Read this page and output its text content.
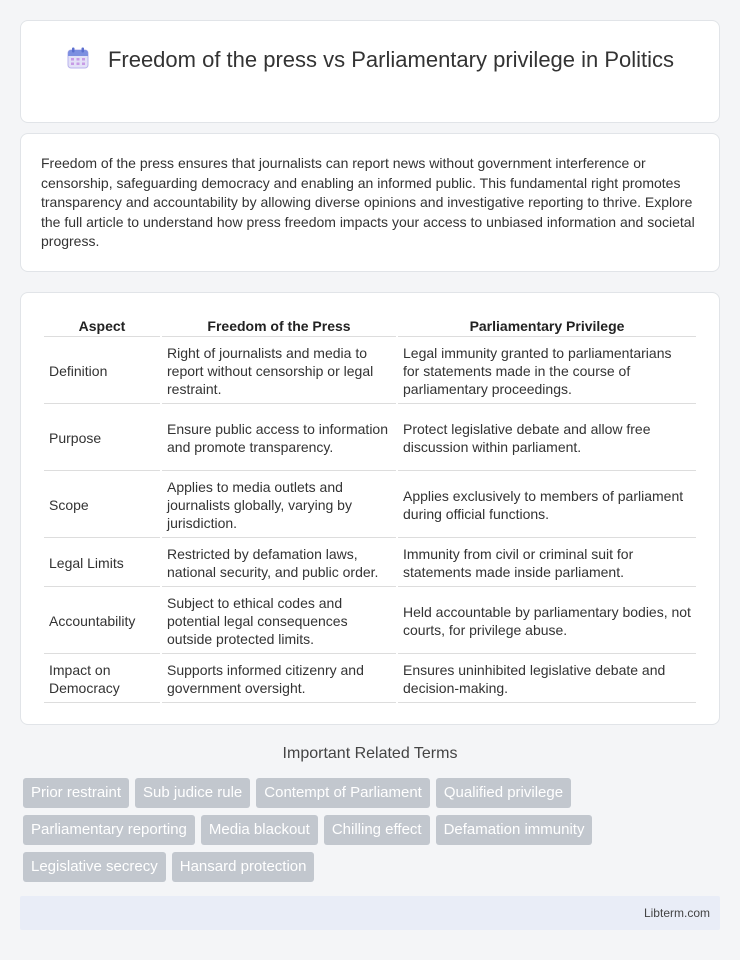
Freedom of the press vs Parliamentary privilege in Politics

Freedom of the press ensures that journalists can report news without government interference or censorship, safeguarding democracy and enabling an informed public. This fundamental right promotes transparency and accountability by allowing diverse opinions and investigative reporting to thrive. Explore the full article to understand how press freedom impacts your access to unbiased information and societal progress.

Aspect	Freedom of the Press	Parliamentary Privilege
Definition	Right of journalists and media to report without censorship or legal restraint.	Legal immunity granted to parliamentarians for statements made in the course of parliamentary proceedings.
Purpose	Ensure public access to information and promote transparency.	Protect legislative debate and allow free discussion within parliament.
Scope	Applies to media outlets and journalists globally, varying by jurisdiction.	Applies exclusively to members of parliament during official functions.
Legal Limits	Restricted by defamation laws, national security, and public order.	Immunity from civil or criminal suit for statements made inside parliament.
Accountability	Subject to ethical codes and potential legal consequences outside protected limits.	Held accountable by parliamentary bodies, not courts, for privilege abuse.
Impact on Democracy	Supports informed citizenry and government oversight.	Ensures uninhibited legislative debate and decision-making.
Important Related Terms
Prior restraint	Sub judice rule	Contempt of Parliament	Qualified privilege
Parliamentary reporting	Media blackout	Chilling effect	Defamation immunity
Legislative secrecy	Hansard protection
Libterm.com
